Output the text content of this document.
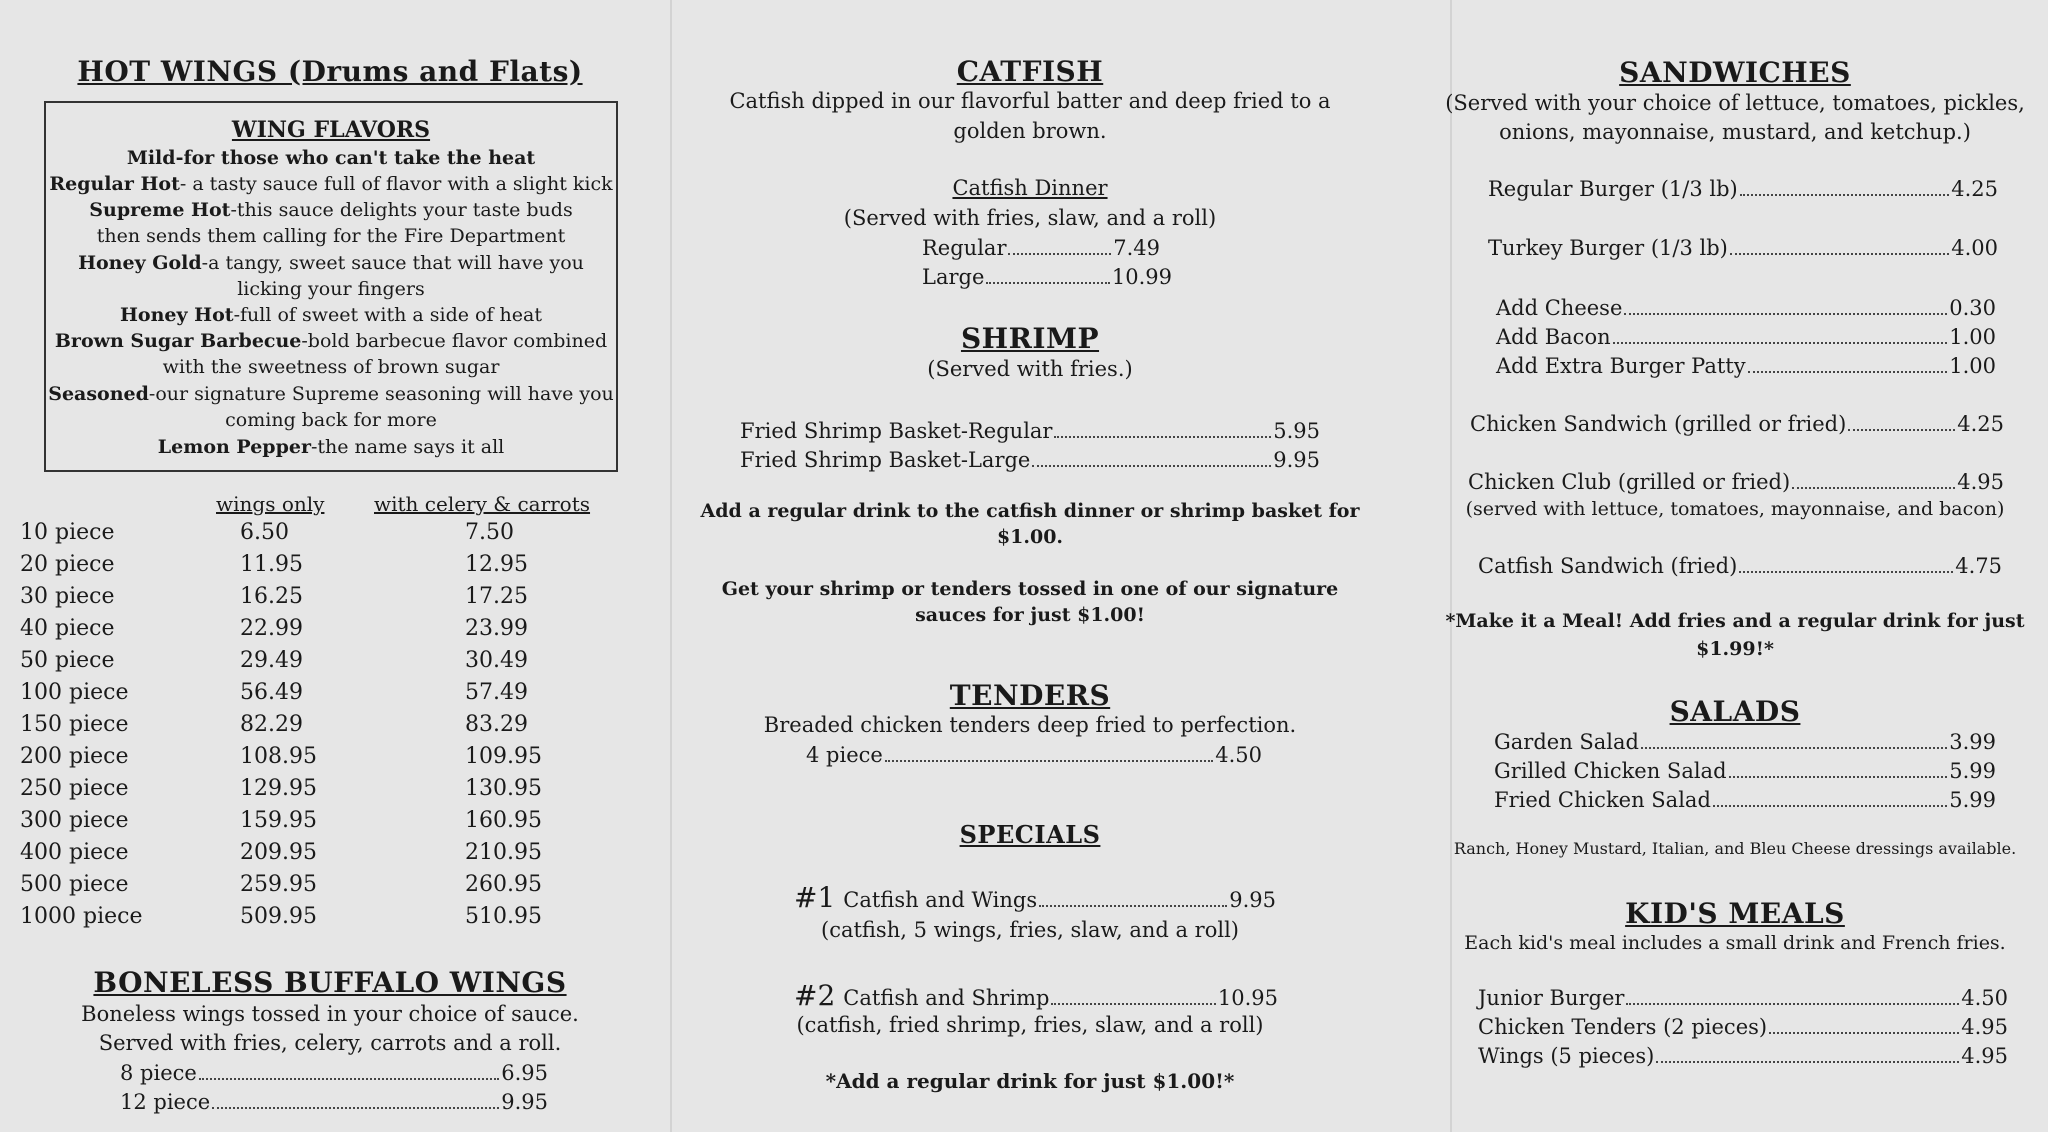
HOT WINGS (Drums and Flats)
WING FLAVORS
Mild-for those who can't take the heat
Regular Hot- a tasty sauce full of flavor with a slight kick
Supreme Hot-this sauce delights your taste buds
then sends them calling for the Fire Department
Honey Gold-a tangy, sweet sauce that will have you
licking your fingers
Honey Hot-full of sweet with a side of heat
Brown Sugar Barbecue-bold barbecue flavor combined
with the sweetness of brown sugar
Seasoned-our signature Supreme seasoning will have you
coming back for more
Lemon Pepper-the name says it all
wings only with celery & carrots
10 piece	6.50	7.50
20 piece	11.95	12.95
30 piece	16.25	17.25
40 piece	22.99	23.99
50 piece	29.49	30.49
100 piece	56.49	57.49
150 piece	82.29	83.29
200 piece	108.95	109.95
250 piece	129.95	130.95
300 piece	159.95	160.95
400 piece	209.95	210.95
500 piece	259.95	260.95
1000 piece	509.95	510.95
BONELESS BUFFALO WINGS
Boneless wings tossed in your choice of sauce.
Served with fries, celery, carrots and a roll.
8 piece	6.95
12 piece	9.95
CATFISH
Catfish dipped in our flavorful batter and deep fried to a
golden brown.
Catfish Dinner
(Served with fries, slaw, and a roll)
Regular	7.49
Large	10.99
SHRIMP
(Served with fries.)
Fried Shrimp Basket-Regular	5.95
Fried Shrimp Basket-Large	9.95
Add a regular drink to the catfish dinner or shrimp basket for
$1.00.
Get your shrimp or tenders tossed in one of our signature
sauces for just $1.00!
TENDERS
Breaded chicken tenders deep fried to perfection.
4 piece	4.50
SPECIALS
#1 Catfish and Wings	9.95
(catfish, 5 wings, fries, slaw, and a roll)
#2 Catfish and Shrimp	10.95
(catfish, fried shrimp, fries, slaw, and a roll)
*Add a regular drink for just $1.00!*
SANDWICHES
(Served with your choice of lettuce, tomatoes, pickles,
onions, mayonnaise, mustard, and ketchup.)
Regular Burger (1/3 lb)	4.25
Turkey Burger (1/3 lb)	4.00
Add Cheese	0.30
Add Bacon	1.00
Add Extra Burger Patty	1.00
Chicken Sandwich (grilled or fried)	4.25
Chicken Club (grilled or fried)	4.95
(served with lettuce, tomatoes, mayonnaise, and bacon)
Catfish Sandwich (fried)	4.75
*Make it a Meal! Add fries and a regular drink for just
$1.99!*
SALADS
Garden Salad	3.99
Grilled Chicken Salad	5.99
Fried Chicken Salad	5.99
Ranch, Honey Mustard, Italian, and Bleu Cheese dressings available.
KID'S MEALS
Each kid's meal includes a small drink and French fries.
Junior Burger	4.50
Chicken Tenders (2 pieces)	4.95
Wings (5 pieces)	4.95
